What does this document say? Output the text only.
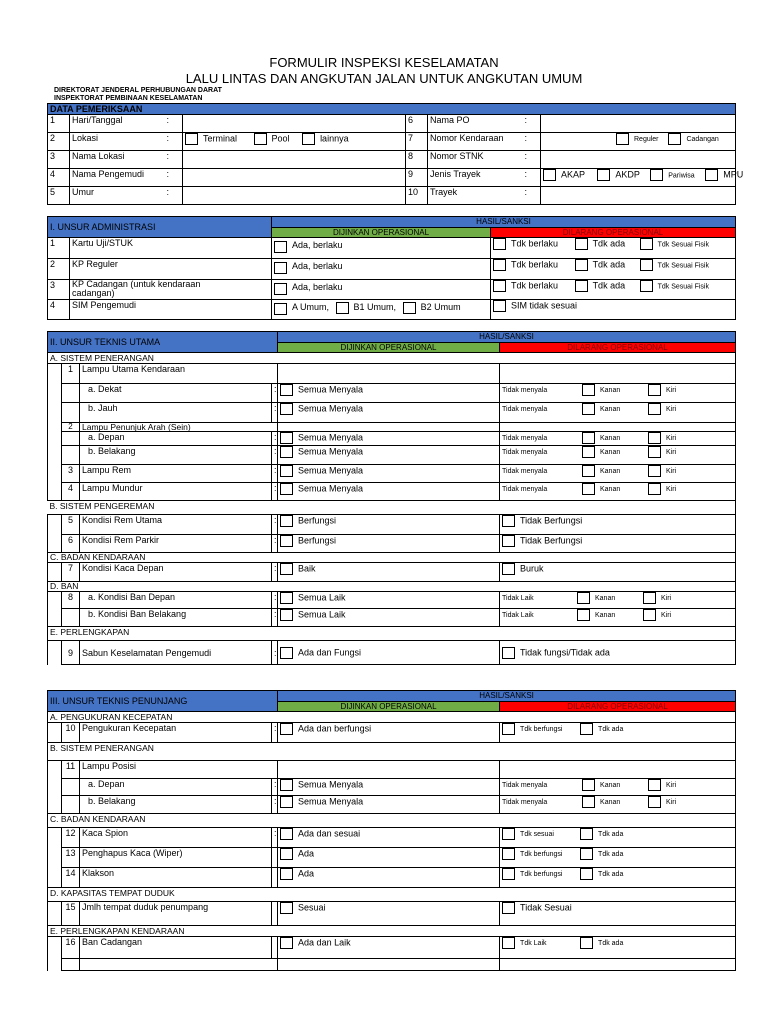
FORMULIR INSPEKSI KESELAMATAN
LALU LINTAS DAN ANGKUTAN JALAN UNTUK ANGKUTAN UMUM
DIREKTORAT JENDERAL PERHUBUNGAN DARAT
INSPEKTORAT PEMBINAAN KESELAMATAN
DATA PEMERIKSAAN							
1	Hari/Tanggal	:		6	Nama PO	:	
2	Lokasi	:	Terminal Pool lainnya	7	Nomor Kendaraan	:	Reguler Cadangan
3	Nama Lokasi	:		8	Nomor STNK	:	
4	Nama Pengemudi	:		9	Jenis Trayek	:	AKAP AKDP Pariwisa MPU
5	Umur	:		10	Trayek	:	
I. UNSUR ADMINISTRASI		HASIL/SANKSI	
		DIJINKAN OPERASIONAL	DILARANG OPERASIONAL
1	Kartu Uji/STUK	Ada, berlaku	Tdk berlaku Tdk ada Tdk Sesuai Fisik
2	KP Reguler	Ada, berlaku	Tdk berlaku Tdk ada Tdk Sesuai Fisik
3	KP Cadangan (untuk kendaraan
cadangan)	Ada, berlaku	Tdk berlaku Tdk ada Tdk Sesuai Fisik
4	SIM Pengemudi	A Umum, B1 Umum, B2 Umum	SIM tidak sesuai
II. UNSUR TEKNIS UTAMA				HASIL/SANKSI	
				DIJINKAN OPERASIONAL	DILARANG OPERASIONAL
A. SISTEM PENERANGAN					
	1	Lampu Utama Kendaraan			
		a. Dekat	:	Semua Menyala	Tidak menyala Kanan Kiri
		b. Jauh	:	Semua Menyala	Tidak menyala Kanan Kiri
	2	Lampu Penunjuk Arah (Sein)			
		a. Depan	:	Semua Menyala	Tidak menyala Kanan Kiri
		b. Belakang	:	Semua Menyala	Tidak menyala Kanan Kiri
	3	Lampu Rem	:	Semua Menyala	Tidak menyala Kanan Kiri
	4	Lampu Mundur	:	Semua Menyala	Tidak menyala Kanan Kiri
B. SISTEM PENGEREMAN					
	5	Kondisi Rem Utama	:	Berfungsi	Tidak Berfungsi
	6	Kondisi Rem Parkir	:	Berfungsi	Tidak Berfungsi
C. BADAN KENDARAAN					
	7	Kondisi Kaca Depan	:	Baik	Buruk
D. BAN					
	8	a. Kondisi Ban Depan	:	Semua Laik	Tidak Laik Kanan Kiri
		b. Kondisi Ban Belakang	:	Semua Laik	Tidak Laik Kanan Kiri
E. PERLENGKAPAN					
	9	Sabun Keselamatan Pengemudi	:	Ada dan Fungsi	Tidak fungsi/Tidak ada
III. UNSUR TEKNIS PENUNJANG				HASIL/SANKSI	
				DIJINKAN OPERASIONAL	DILARANG OPERASIONAL
A. PENGUKURAN KECEPATAN					
	10	Pengukuran Kecepatan	:	Ada dan berfungsi	Tdk berfungsi Tdk ada
B. SISTEM PENERANGAN					
	11	Lampu Posisi			
		a. Depan	:	Semua Menyala	Tidak menyala Kanan Kiri
		b. Belakang	:	Semua Menyala	Tidak menyala Kanan Kiri
C. BADAN KENDARAAN					
	12	Kaca Spion	:	Ada dan sesuai	Tdk sesuai Tdk ada
	13	Penghapus Kaca (Wiper)		Ada	Tdk berfungsi Tdk ada
	14	Klakson		Ada	Tdk berfungsi Tdk ada
D. KAPASITAS TEMPAT DUDUK					
	15	Jmlh tempat duduk penumpang		Sesuai	Tidak Sesuai
E. PERLENGKAPAN KENDARAAN					
	16	Ban Cadangan		Ada dan Laik	Tdk Laik Tdk ada
